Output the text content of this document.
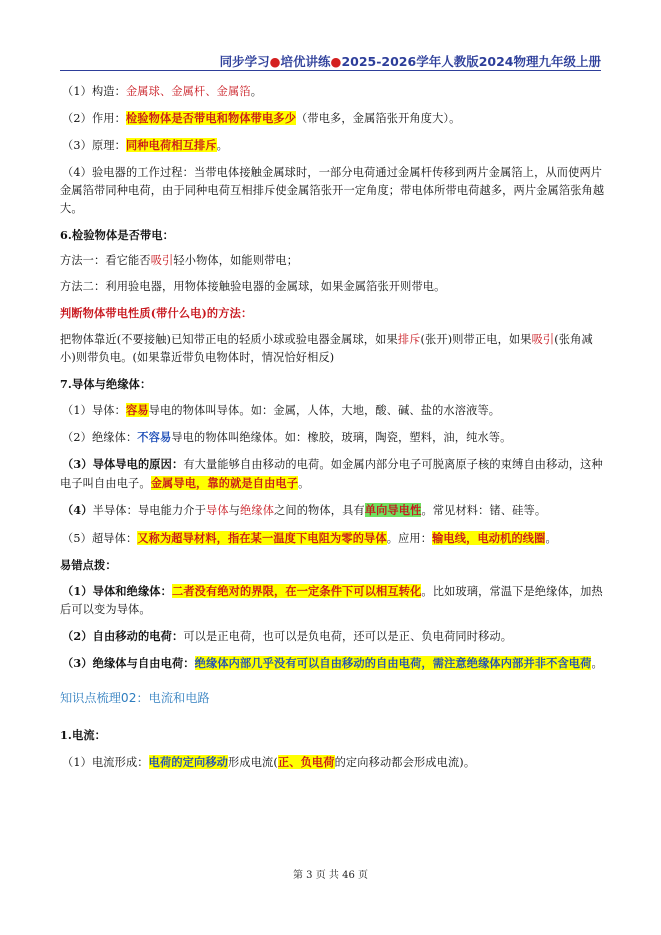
同步学习●培优讲练●2025-2026学年人教版2024物理九年级上册

（1）构造：金属球、金属杆、金属箔。

（2）作用：检验物体是否带电和物体带电多少（带电多，金属箔张开角度大）。

（3）原理：同种电荷相互排斥。

（4）验电器的工作过程：当带电体接触金属球时，一部分电荷通过金属杆传移到两片金属箔上，从而使两片金属箔带同种电荷，由于同种电荷互相排斥使金属箔张开一定角度；带电体所带电荷越多，两片金属箔张角越大。

6.检验物体是否带电：

方法一：看它能否吸引轻小物体，如能则带电；

方法二：利用验电器，用物体接触验电器的金属球，如果金属箔张开则带电。

判断物体带电性质(带什么电)的方法：

把物体靠近(不要接触)已知带正电的轻质小球或验电器金属球，如果排斥(张开)则带正电，如果吸引(张角减小)则带负电。(如果靠近带负电物体时，情况恰好相反)

7.导体与绝缘体：

（1）导体：容易导电的物体叫导体。如：金属，人体，大地，酸、碱、盐的水溶液等。

（2）绝缘体：不容易导电的物体叫绝缘体。如：橡胶，玻璃，陶瓷，塑料，油，纯水等。

（3）导体导电的原因：有大量能够自由移动的电荷。如金属内部分电子可脱离原子核的束缚自由移动，这种电子叫自由电子。金属导电，靠的就是自由电子。

（4）半导体：导电能力介于导体与绝缘体之间的物体，具有单向导电性。常见材料：锗、硅等。

（5）超导体：又称为超导材料，指在某一温度下电阻为零的导体。应用：输电线，电动机的线圈。

易错点拨：

（1）导体和绝缘体：二者没有绝对的界限，在一定条件下可以相互转化。比如玻璃，常温下是绝缘体，加热后可以变为导体。

（2）自由移动的电荷：可以是正电荷，也可以是负电荷，还可以是正、负电荷同时移动。

（3）绝缘体与自由电荷：绝缘体内部几乎没有可以自由移动的自由电荷，需注意绝缘体内部并非不含电荷。

知识点梳理02：电流和电路

1.电流：

（1）电流形成：电荷的定向移动形成电流(正、负电荷的定向移动都会形成电流)。

第 3 页 共 46 页
